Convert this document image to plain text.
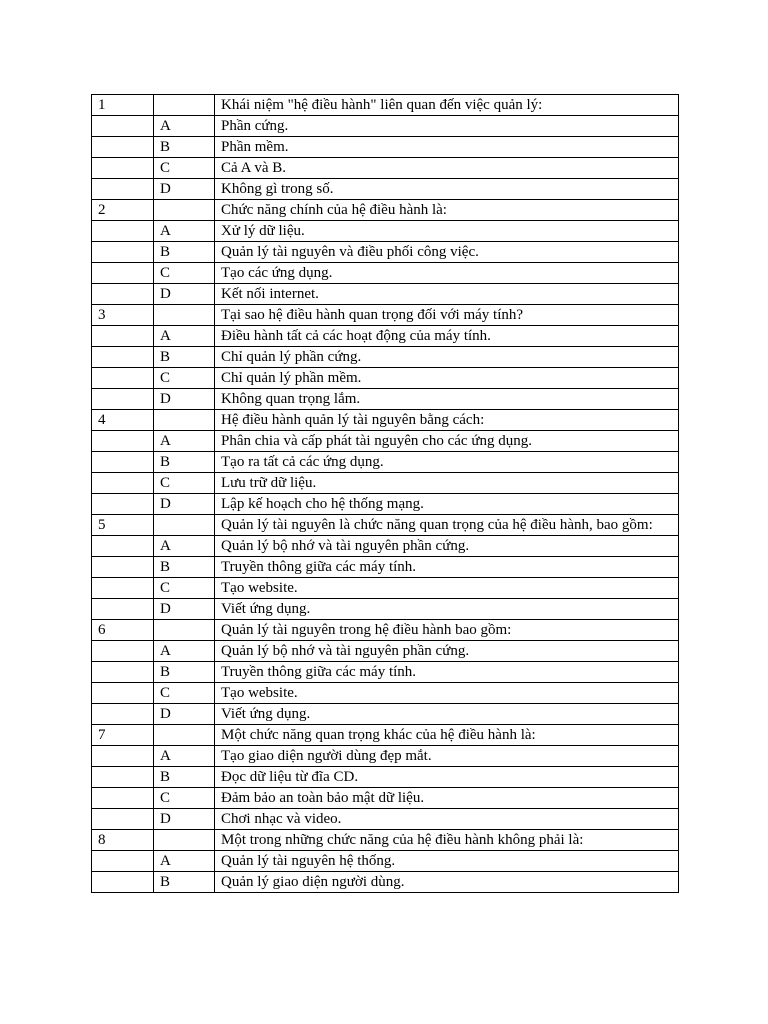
1		Khái niệm "hệ điều hành" liên quan đến việc quản lý:
	A	Phần cứng.
	B	Phần mềm.
	C	Cả A và B.
	D	Không gì trong số.
2		Chức năng chính của hệ điều hành là:
	A	Xử lý dữ liệu.
	B	Quản lý tài nguyên và điều phối công việc.
	C	Tạo các ứng dụng.
	D	Kết nối internet.
3		Tại sao hệ điều hành quan trọng đối với máy tính?
	A	Điều hành tất cả các hoạt động của máy tính.
	B	Chỉ quản lý phần cứng.
	C	Chỉ quản lý phần mềm.
	D	Không quan trọng lắm.
4		Hệ điều hành quản lý tài nguyên bằng cách:
	A	Phân chia và cấp phát tài nguyên cho các ứng dụng.
	B	Tạo ra tất cả các ứng dụng.
	C	Lưu trữ dữ liệu.
	D	Lập kế hoạch cho hệ thống mạng.
5		Quản lý tài nguyên là chức năng quan trọng của hệ điều hành, bao gồm:
	A	Quản lý bộ nhớ và tài nguyên phần cứng.
	B	Truyền thông giữa các máy tính.
	C	Tạo website.
	D	Viết ứng dụng.
6		Quản lý tài nguyên trong hệ điều hành bao gồm:
	A	Quản lý bộ nhớ và tài nguyên phần cứng.
	B	Truyền thông giữa các máy tính.
	C	Tạo website.
	D	Viết ứng dụng.
7		Một chức năng quan trọng khác của hệ điều hành là:
	A	Tạo giao diện người dùng đẹp mắt.
	B	Đọc dữ liệu từ đĩa CD.
	C	Đảm bảo an toàn bảo mật dữ liệu.
	D	Chơi nhạc và video.
8		Một trong những chức năng của hệ điều hành không phải là:
	A	Quản lý tài nguyên hệ thống.
	B	Quản lý giao diện người dùng.
